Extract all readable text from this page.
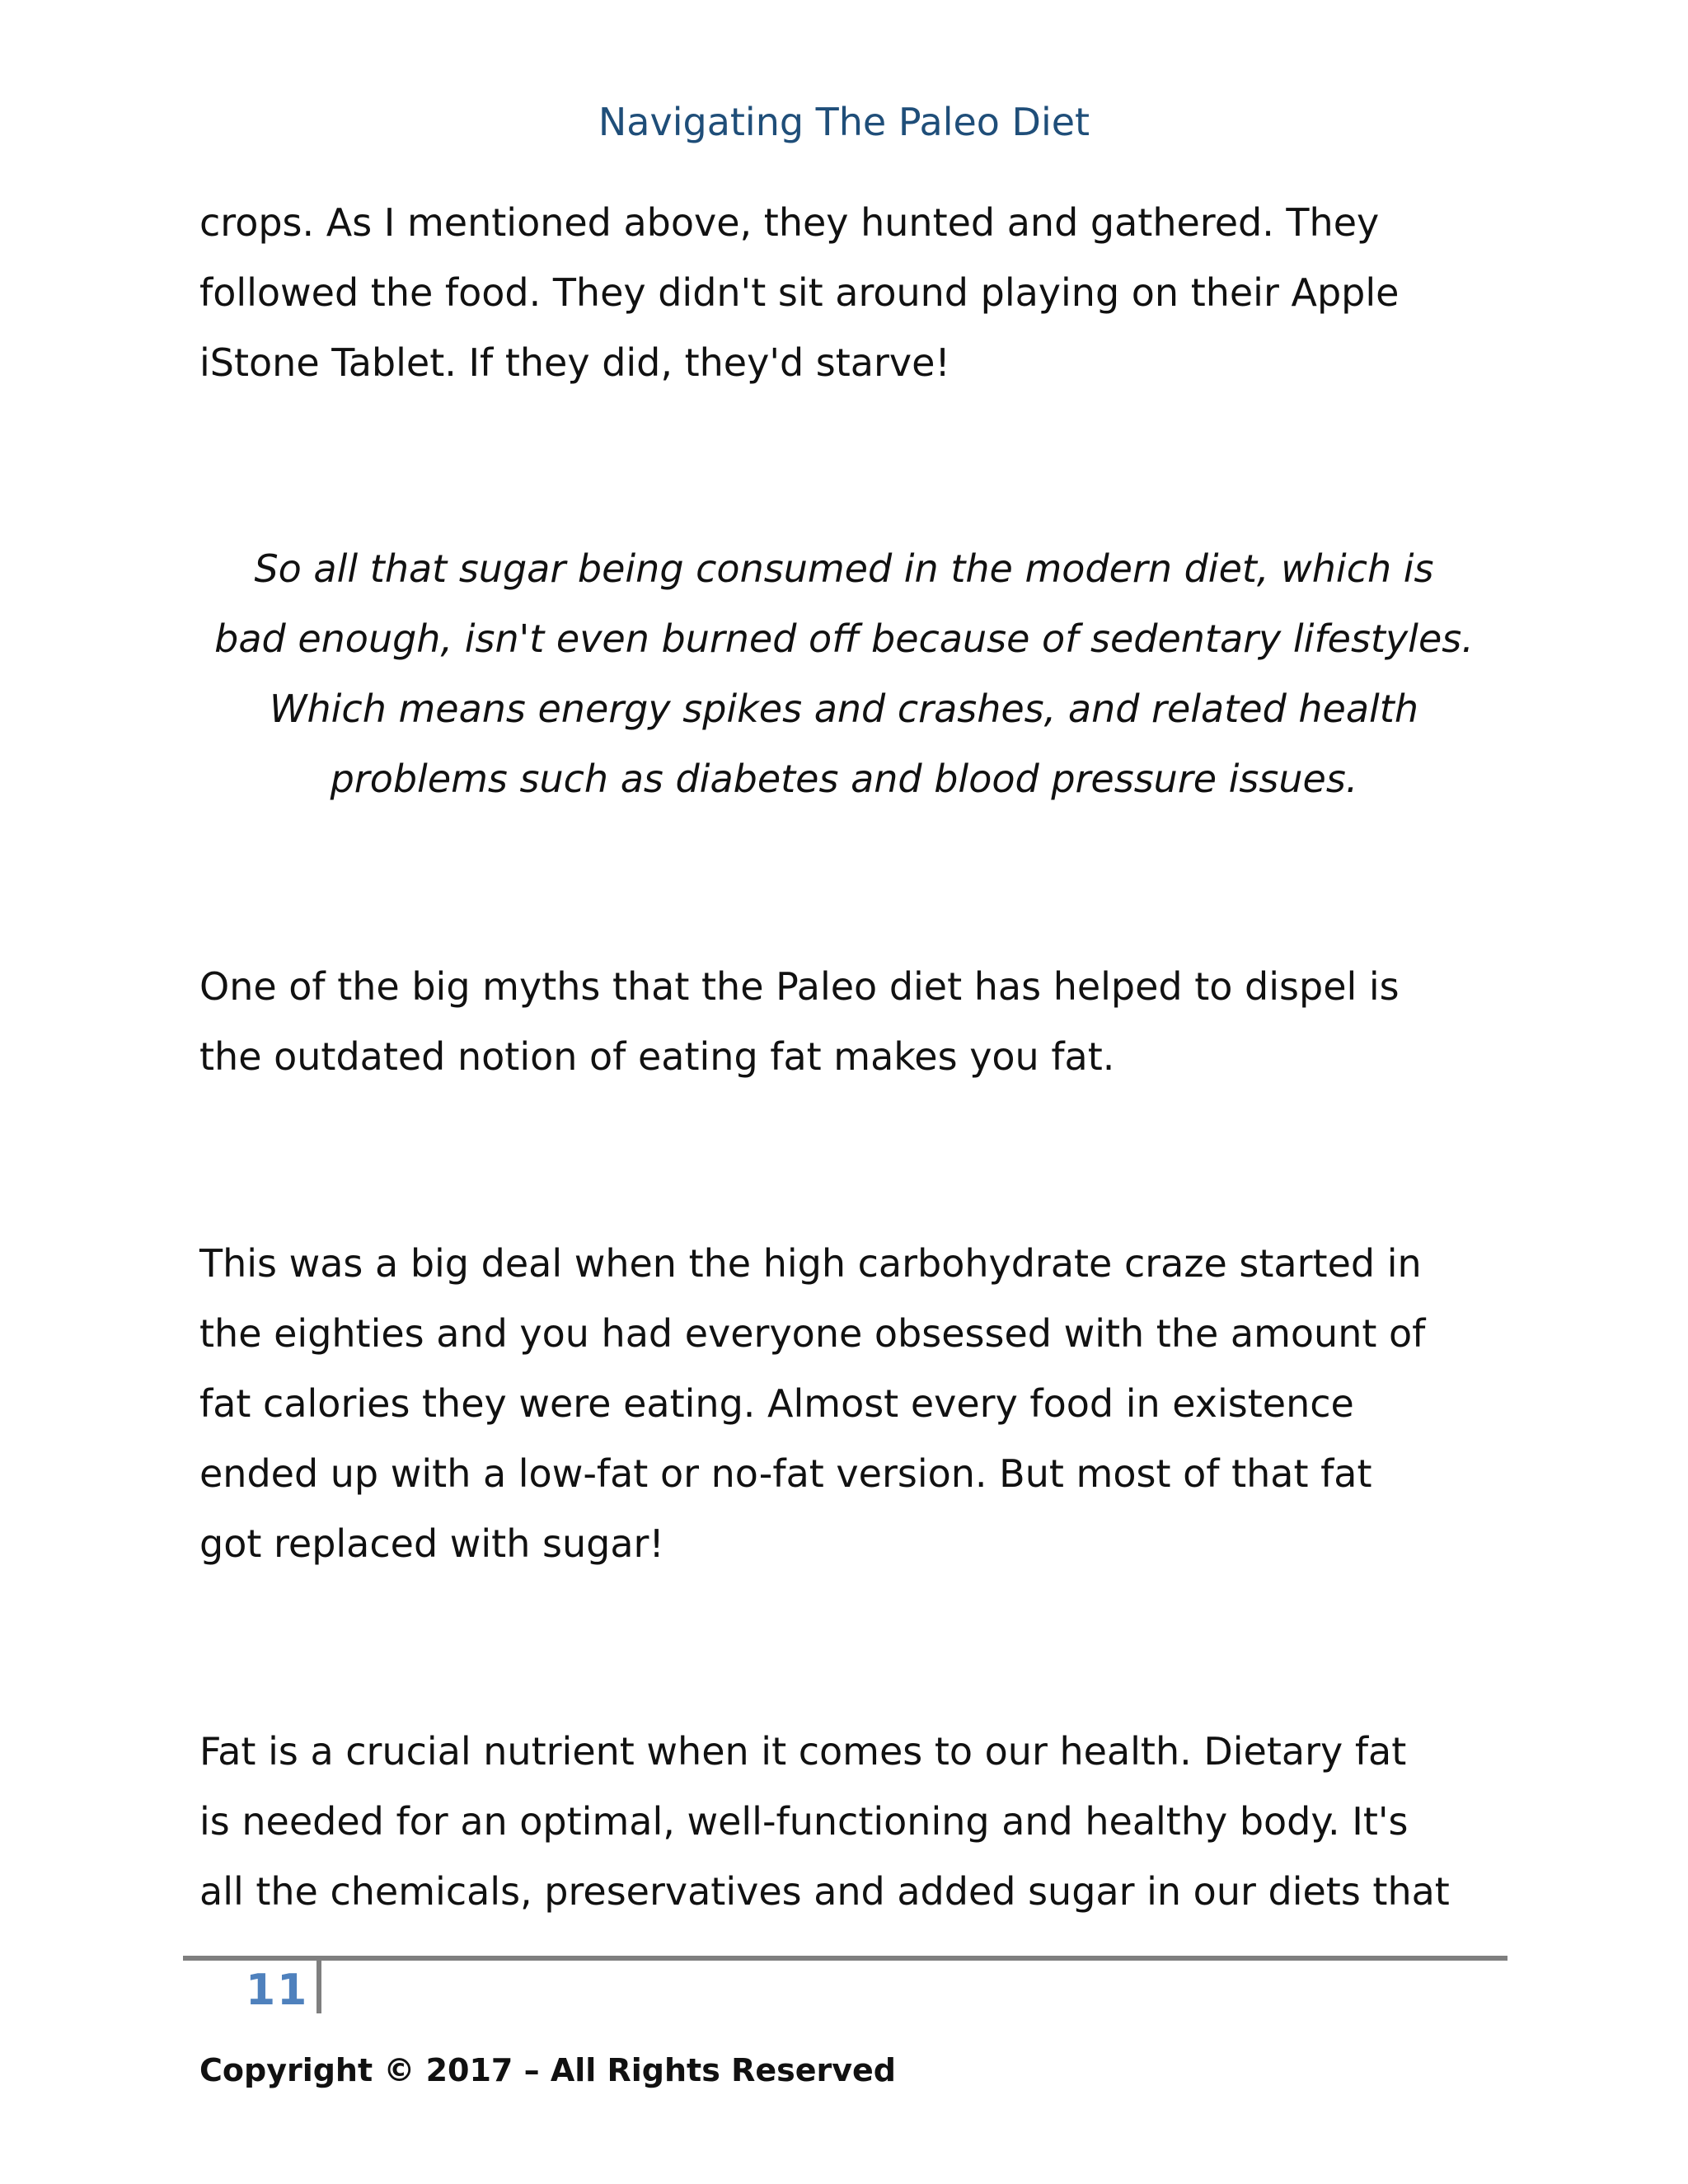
Navigating The Paleo Diet
crops. As I mentioned above, they hunted and gathered. They
followed the food. They didn't sit around playing on their Apple
iStone Tablet. If they did, they'd starve!
So all that sugar being consumed in the modern diet, which is
bad enough, isn't even burned off because of sedentary lifestyles.
Which means energy spikes and crashes, and related health
problems such as diabetes and blood pressure issues.
One of the big myths that the Paleo diet has helped to dispel is
the outdated notion of eating fat makes you fat.
This was a big deal when the high carbohydrate craze started in
the eighties and you had everyone obsessed with the amount of
fat calories they were eating. Almost every food in existence
ended up with a low-fat or no-fat version. But most of that fat
got replaced with sugar!
Fat is a crucial nutrient when it comes to our health. Dietary fat
is needed for an optimal, well-functioning and healthy body. It's
all the chemicals, preservatives and added sugar in our diets that
11
Copyright © 2017 – All Rights Reserved
